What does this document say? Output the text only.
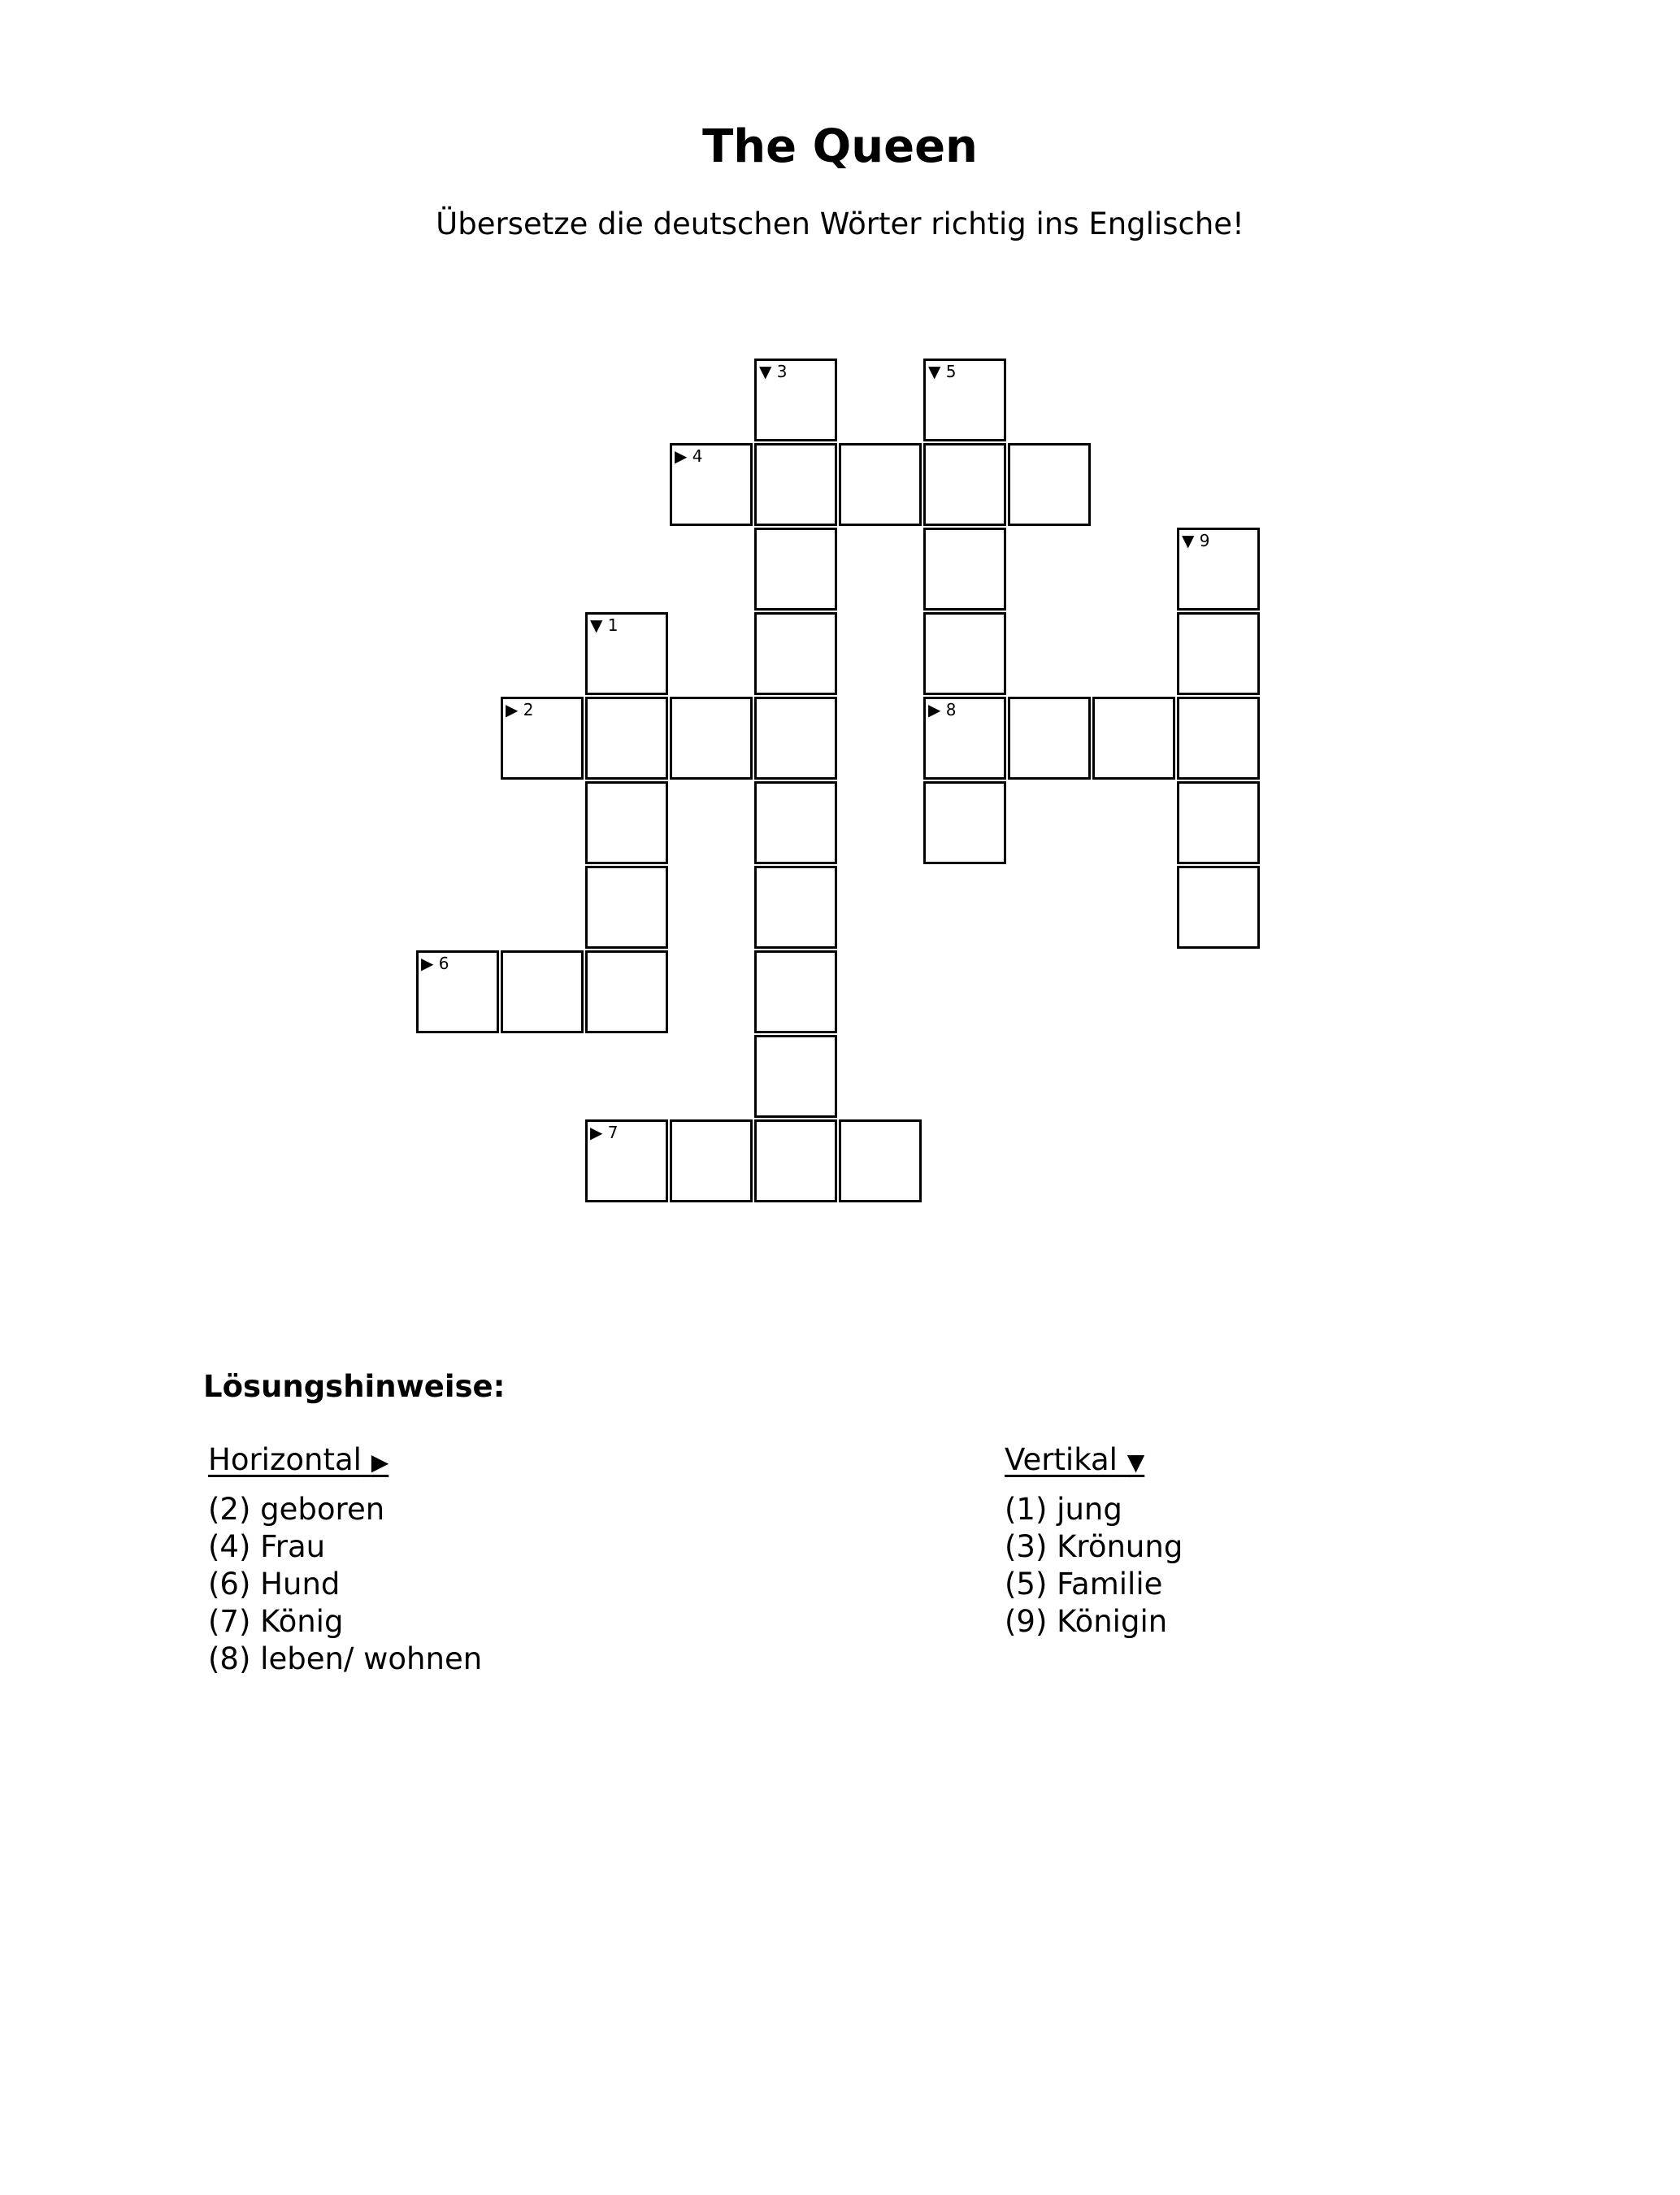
The Queen
Übersetze die deutschen Wörter richtig ins Englische!
▼ 3	▼ 5
▶ 4
▼ 9
▼ 1
▶ 2	▶ 8
▶ 6
▶ 7
Lösungshinweise:
Horizontal ▶
(2) geboren
(4) Frau
(6) Hund
(7) König
(8) leben/ wohnen
Vertikal ▼
(1) jung
(3) Krönung
(5) Familie
(9) Königin
